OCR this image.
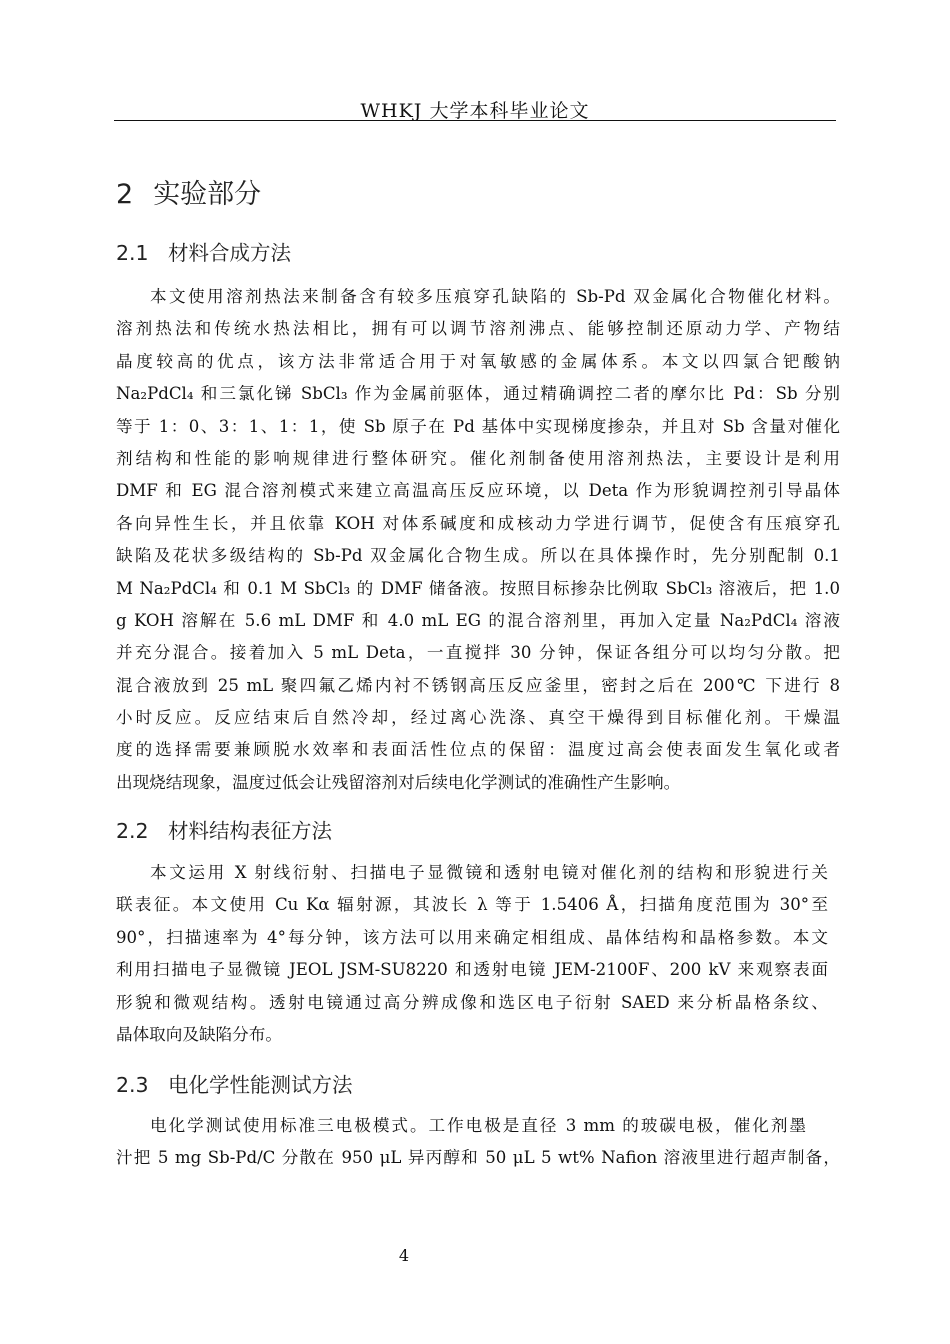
WHKJ 大学本科毕业论文
2 实验部分
2.1 材料合成方法
本文使用溶剂热法来制备含有较多压痕穿孔缺陷的 Sb-Pd 双金属化合物催化材料。
溶剂热法和传统水热法相比，拥有可以调节溶剂沸点、能够控制还原动力学、产物结
晶度较高的优点，该方法非常适合用于对氧敏感的金属体系。本文以四氯合钯酸钠
Na₂PdCl₄ 和三氯化锑 SbCl₃ 作为金属前驱体，通过精确调控二者的摩尔比 Pd：Sb 分别
等于 1：0、3：1、1：1，使 Sb 原子在 Pd 基体中实现梯度掺杂，并且对 Sb 含量对催化
剂结构和性能的影响规律进行整体研究。催化剂制备使用溶剂热法，主要设计是利用
DMF 和 EG 混合溶剂模式来建立高温高压反应环境，以 Deta 作为形貌调控剂引导晶体
各向异性生长，并且依靠 KOH 对体系碱度和成核动力学进行调节，促使含有压痕穿孔
缺陷及花状多级结构的 Sb-Pd 双金属化合物生成。所以在具体操作时，先分别配制 0.1
M Na₂PdCl₄ 和 0.1 M SbCl₃ 的 DMF 储备液。按照目标掺杂比例取 SbCl₃ 溶液后，把 1.0
g KOH 溶解在 5.6 mL DMF 和 4.0 mL EG 的混合溶剂里，再加入定量 Na₂PdCl₄ 溶液
并充分混合。接着加入 5 mL Deta，一直搅拌 30 分钟，保证各组分可以均匀分散。把
混合液放到 25 mL 聚四氟乙烯内衬不锈钢高压反应釜里，密封之后在 200℃ 下进行 8
小时反应。反应结束后自然冷却，经过离心洗涤、真空干燥得到目标催化剂。干燥温
度的选择需要兼顾脱水效率和表面活性位点的保留：温度过高会使表面发生氧化或者
出现烧结现象，温度过低会让残留溶剂对后续电化学测试的准确性产生影响。
2.2 材料结构表征方法
本文运用 X 射线衍射、扫描电子显微镜和透射电镜对催化剂的结构和形貌进行关
联表征。本文使用 Cu Kα 辐射源，其波长 λ 等于 1.5406 Å，扫描角度范围为 30°至
90°，扫描速率为 4°每分钟，该方法可以用来确定相组成、晶体结构和晶格参数。本文
利用扫描电子显微镜 JEOL JSM-SU8220 和透射电镜 JEM-2100F、200 kV 来观察表面
形貌和微观结构。透射电镜通过高分辨成像和选区电子衍射 SAED 来分析晶格条纹、
晶体取向及缺陷分布。
2.3 电化学性能测试方法
电化学测试使用标准三电极模式。工作电极是直径 3 mm 的玻碳电极，催化剂墨
汁把 5 mg Sb-Pd/C 分散在 950 μL 异丙醇和 50 μL 5 wt% Nafion 溶液里进行超声制备，
4
